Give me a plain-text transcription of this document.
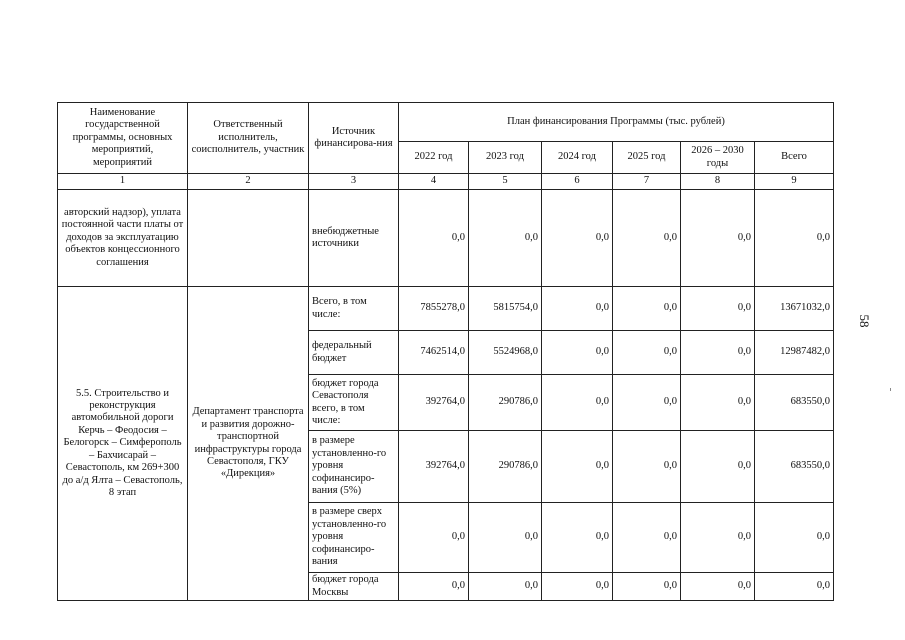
58
Наименование государственной программы, основных мероприятий, мероприятий	Ответственный исполнитель, соисполнитель, участник	Источник финансирова-ния	План финансирования Программы (тыс. рублей)					
			2022 год	2023 год	2024 год	2025 год	2026 – 2030 годы	Всего
1	2	3	4	5	6	7	8	9
авторский надзор), уплата постоянной части платы от доходов за эксплуатацию объектов концессионного соглашения		внебюджетные источники	0,0	0,0	0,0	0,0	0,0	0,0
5.5. Строительство и реконструкция автомобильной дороги Керчь – Феодосия – Белогорск – Симферополь – Бахчисарай – Севастополь, км 269+300 до а/д Ялта – Севастополь, 8 этап	Департамент транспорта и развития дорожно-транспортной инфраструктуры города Севастополя, ГКУ «Дирекция»	Всего, в том числе:	7855278,0	5815754,0	0,0	0,0	0,0	13671032,0
		федеральный бюджет	7462514,0	5524968,0	0,0	0,0	0,0	12987482,0
		бюджет города Севастополя всего, в том числе:	392764,0	290786,0	0,0	0,0	0,0	683550,0
		в размере установленно-го уровня софинансиро-вания (5%)	392764,0	290786,0	0,0	0,0	0,0	683550,0
		в размере сверх установленно-го уровня софинансиро-вания	0,0	0,0	0,0	0,0	0,0	0,0
		бюджет города Москвы	0,0	0,0	0,0	0,0	0,0	0,0
